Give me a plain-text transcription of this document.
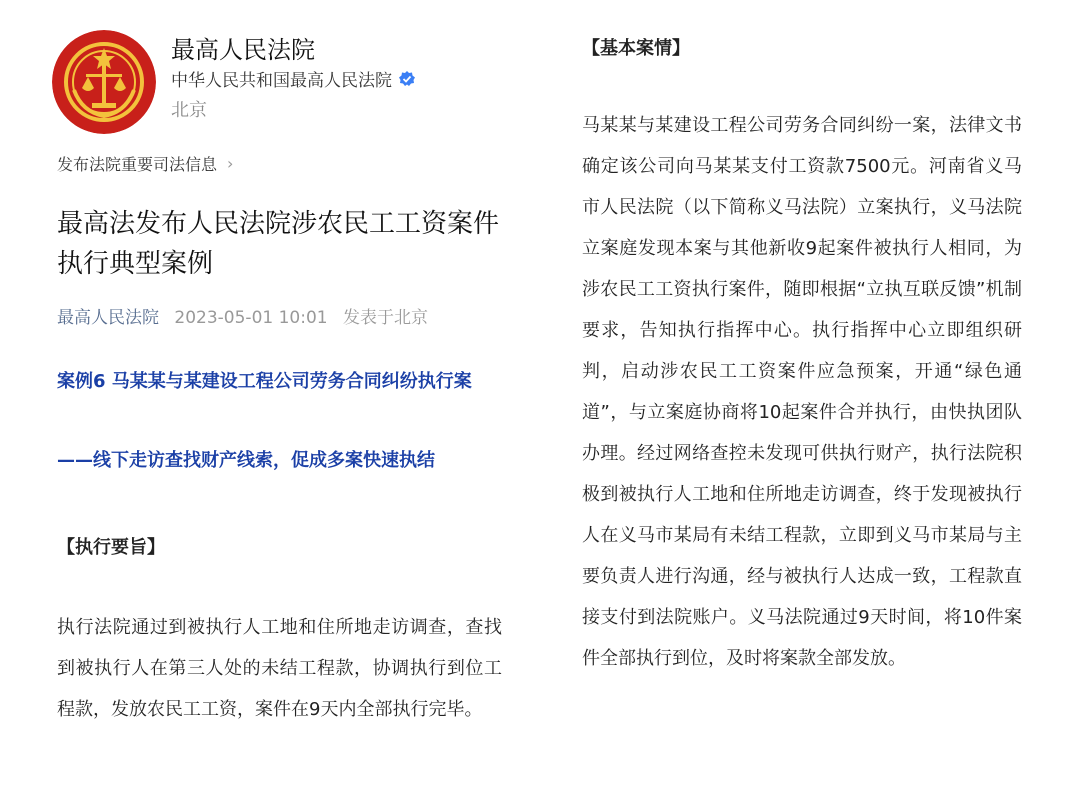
最高人民法院
中华人民共和国最高人民法院
北京
发布法院重要司法信息 ›
最高法发布人民法院涉农民工工资案件执行典型案例
最高人民法院 2023-05-01 10:01 发表于北京
案例6 马某某与某建设工程公司劳务合同纠纷执行案
——线下走访查找财产线索，促成多案快速执结
【执行要旨】

执行法院通过到被执行人工地和住所地走访调查，查找到被执行人在第三人处的未结工程款，协调执行到位工程款，发放农民工工资，案件在9天内全部执行完毕。

【基本案情】

马某某与某建设工程公司劳务合同纠纷一案，法律文书确定该公司向马某某支付工资款7500元。河南省义马市人民法院（以下简称义马法院）立案执行，义马法院立案庭发现本案与其他新收9起案件被执行人相同，为涉农民工工资执行案件，随即根据“立执互联反馈”机制要求，告知执行指挥中心。执行指挥中心立即组织研判，启动涉农民工工资案件应急预案，开通“绿色通道”，与立案庭协商将10起案件合并执行，由快执团队办理。经过网络查控未发现可供执行财产，执行法院积极到被执行人工地和住所地走访调查，终于发现被执行人在义马市某局有未结工程款，立即到义马市某局与主要负责人进行沟通，经与被执行人达成一致，工程款直接支付到法院账户。义马法院通过9天时间，将10件案件全部执行到位，及时将案款全部发放。
